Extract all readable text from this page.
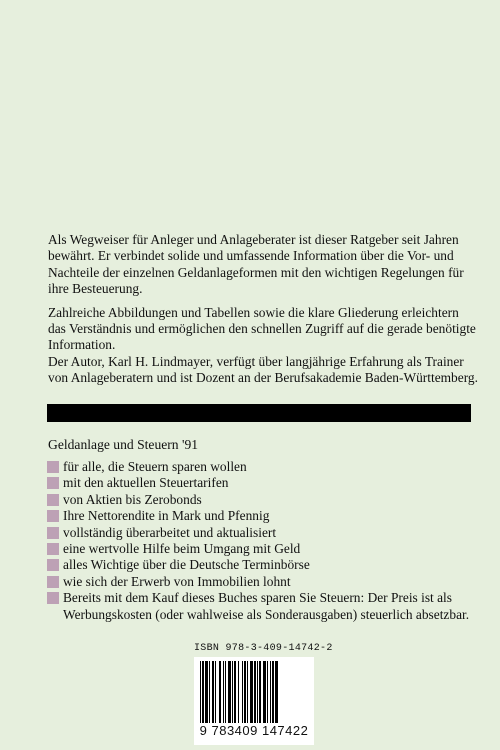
Als Wegweiser für Anleger und Anlageberater ist dieser Ratgeber seit Jahren bewährt. Er verbindet solide und umfassende Information über die Vor- und Nachteile der einzelnen Geldanlageformen mit den wichtigen Regelungen für ihre Besteuerung.

Zahlreiche Abbildungen und Tabellen sowie die klare Gliederung erleichtern das Verständnis und ermöglichen den schnellen Zugriff auf die gerade benötigte Information.

Der Autor, Karl H. Lindmayer, verfügt über langjährige Erfahrung als Trainer von Anlageberatern und ist Dozent an der Berufsakademie Baden-Württemberg.

Geldanlage und Steuern '91
für alle, die Steuern sparen wollen
mit den aktuellen Steuertarifen
von Aktien bis Zerobonds
Ihre Nettorendite in Mark und Pfennig
vollständig überarbeitet und aktualisiert
eine wertvolle Hilfe beim Umgang mit Geld
alles Wichtige über die Deutsche Terminbörse
wie sich der Erwerb von Immobilien lohnt
Bereits mit dem Kauf dieses Buches sparen Sie Steuern: Der Preis ist als Werbungskosten (oder wahlweise als Sonderausgaben) steuerlich absetzbar.
ISBN 978-3-409-14742-2
9 783409 147422
